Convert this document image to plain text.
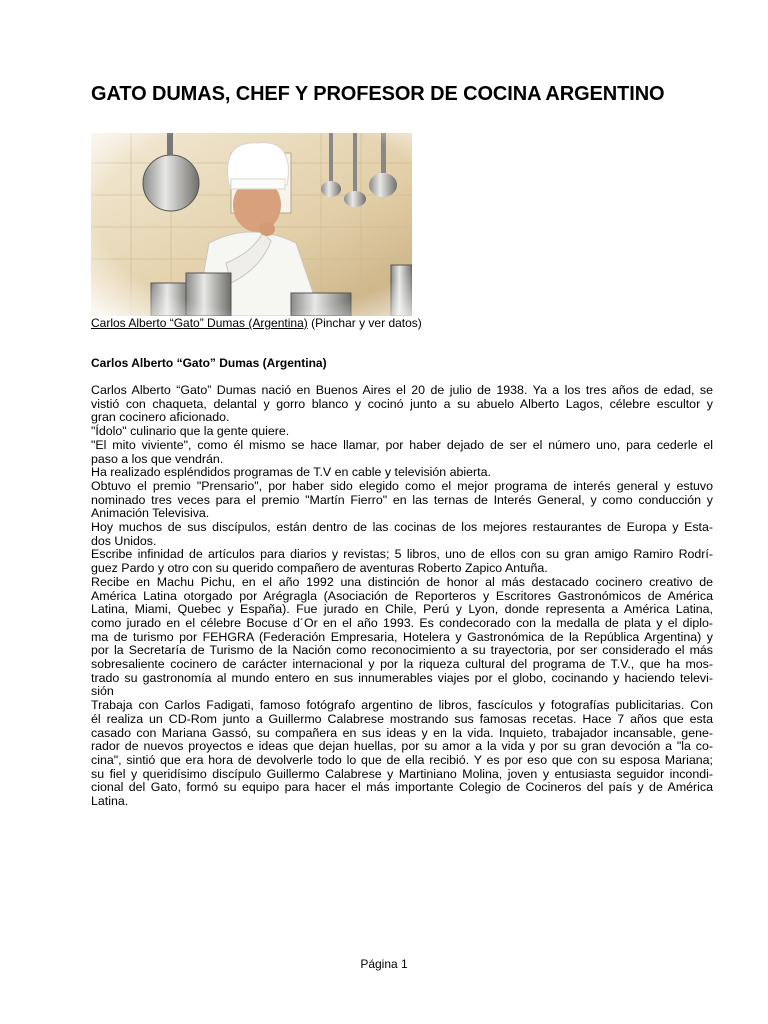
GATO DUMAS, CHEF Y PROFESOR DE COCINA ARGENTINO
Carlos Alberto “Gato” Dumas (Argentina) (Pinchar y ver datos)
Carlos Alberto “Gato” Dumas (Argentina)
Carlos Alberto “Gato” Dumas nació en Buenos Aires el 20 de julio de 1938. Ya a los tres años de edad, se
vistió con chaqueta, delantal y gorro blanco y cocinó junto a su abuelo Alberto Lagos, célebre escultor y
gran cocinero aficionado.
"Ídolo" culinario que la gente quiere.
"El mito viviente", como él mismo se hace llamar, por haber dejado de ser el número uno, para cederle el
paso a los que vendrán.
Ha realizado espléndidos programas de T.V en cable y televisión abierta.
Obtuvo el premio "Prensario", por haber sido elegido como el mejor programa de interés general y estuvo
nominado tres veces para el premio "Martín Fierro" en las ternas de Interés General, y como conducción y
Animación Televisiva.
Hoy muchos de sus discípulos, están dentro de las cocinas de los mejores restaurantes de Europa y Esta-
dos Unidos.
Escribe infinidad de artículos para diarios y revistas; 5 libros, uno de ellos con su gran amigo Ramiro Rodrí-
guez Pardo y otro con su querido compañero de aventuras Roberto Zapico Antuña.
Recibe en Machu Pichu, en el año 1992 una distinción de honor al más destacado cocinero creativo de
América Latina otorgado por Arégragla (Asociación de Reporteros y Escritores Gastronómicos de América
Latina, Miami, Quebec y España). Fue jurado en Chile, Perú y Lyon, donde representa a América Latina,
como jurado en el célebre Bocuse d´Or en el año 1993. Es condecorado con la medalla de plata y el diplo-
ma de turismo por FEHGRA (Federación Empresaria, Hotelera y Gastronómica de la República Argentina) y
por la Secretaría de Turismo de la Nación como reconocimiento a su trayectoria, por ser considerado el más
sobresaliente cocinero de carácter internacional y por la riqueza cultural del programa de T.V., que ha mos-
trado su gastronomía al mundo entero en sus innumerables viajes por el globo, cocinando y haciendo televi-
sión
Trabaja con Carlos Fadigati, famoso fotógrafo argentino de libros, fascículos y fotografías publicitarias. Con
él realiza un CD-Rom junto a Guillermo Calabrese mostrando sus famosas recetas. Hace 7 años que esta
casado con Mariana Gassó, su compañera en sus ideas y en la vida. Inquieto, trabajador incansable, gene-
rador de nuevos proyectos e ideas que dejan huellas, por su amor a la vida y por su gran devoción a "la co-
cina", sintió que era hora de devolverle todo lo que de ella recibió. Y es por eso que con su esposa Mariana;
su fiel y queridísimo discípulo Guillermo Calabrese y Martiniano Molina, joven y entusiasta seguidor incondi-
cional del Gato, formó su equipo para hacer el más importante Colegio de Cocineros del país y de América
Latina.
Página 1
